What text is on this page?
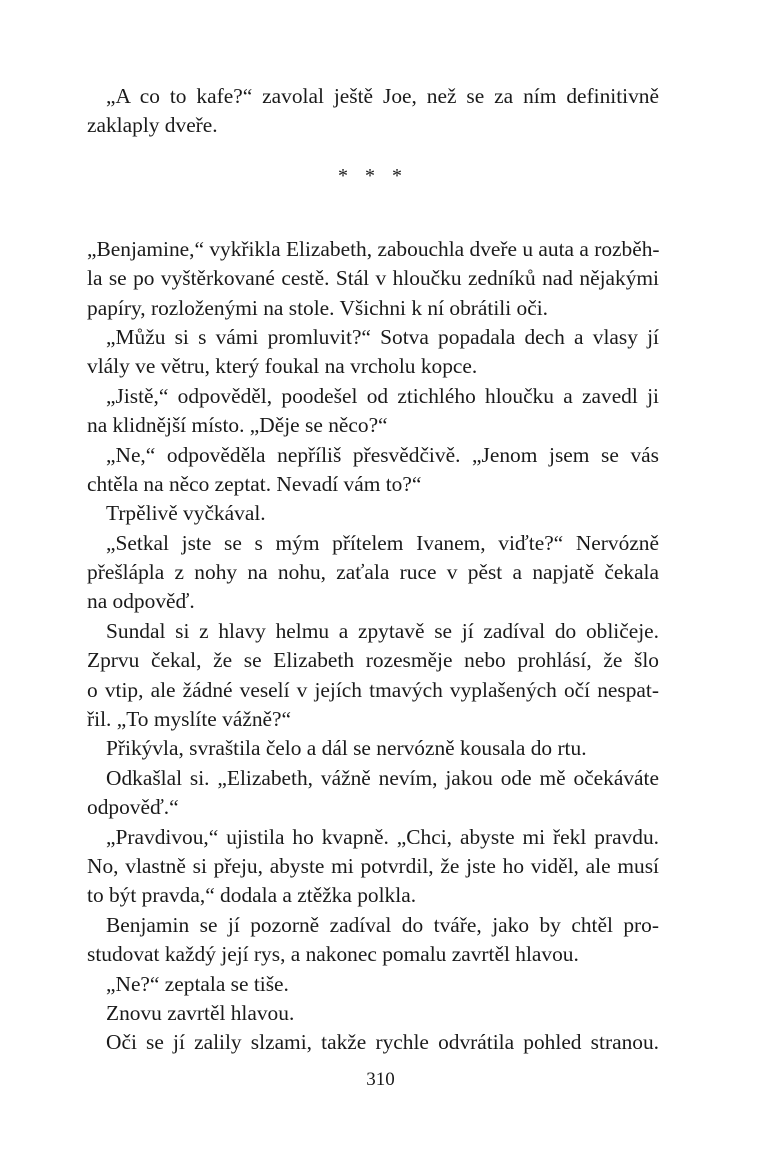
„A co to kafe?“ zavolal ještě Joe, než se za ním definitivně
zaklaply dveře.
* * *
„Benjamine,“ vykřikla Elizabeth, zabouchla dveře u auta a rozběh-
la se po vyštěrkované cestě. Stál v hloučku zedníků nad nějakými
papíry, rozloženými na stole. Všichni k ní obrátili oči.
„Můžu si s vámi promluvit?“ Sotva popadala dech a vlasy jí
vlály ve větru, který foukal na vrcholu kopce.
„Jistě,“ odpověděl, poodešel od ztichlého hloučku a zavedl ji
na klidnější místo. „Děje se něco?“
„Ne,“ odpověděla nepříliš přesvědčivě. „Jenom jsem se vás
chtěla na něco zeptat. Nevadí vám to?“
Trpělivě vyčkával.
„Setkal jste se s mým přítelem Ivanem, viďte?“ Nervózně
přešlápla z nohy na nohu, zaťala ruce v pěst a napjatě čekala
na odpověď.
Sundal si z hlavy helmu a zpytavě se jí zadíval do obličeje.
Zprvu čekal, že se Elizabeth rozesměje nebo prohlásí, že šlo
o vtip, ale žádné veselí v jejích tmavých vyplašených očí nespat-
řil. „To myslíte vážně?“
Přikývla, svraštila čelo a dál se nervózně kousala do rtu.
Odkašlal si. „Elizabeth, vážně nevím, jakou ode mě očekáváte
odpověď.“
„Pravdivou,“ ujistila ho kvapně. „Chci, abyste mi řekl pravdu.
No, vlastně si přeju, abyste mi potvrdil, že jste ho viděl, ale musí
to být pravda,“ dodala a ztěžka polkla.
Benjamin se jí pozorně zadíval do tváře, jako by chtěl pro-
studovat každý její rys, a nakonec pomalu zavrtěl hlavou.
„Ne?“ zeptala se tiše.
Znovu zavrtěl hlavou.
Oči se jí zalily slzami, takže rychle odvrátila pohled stranou.
310
